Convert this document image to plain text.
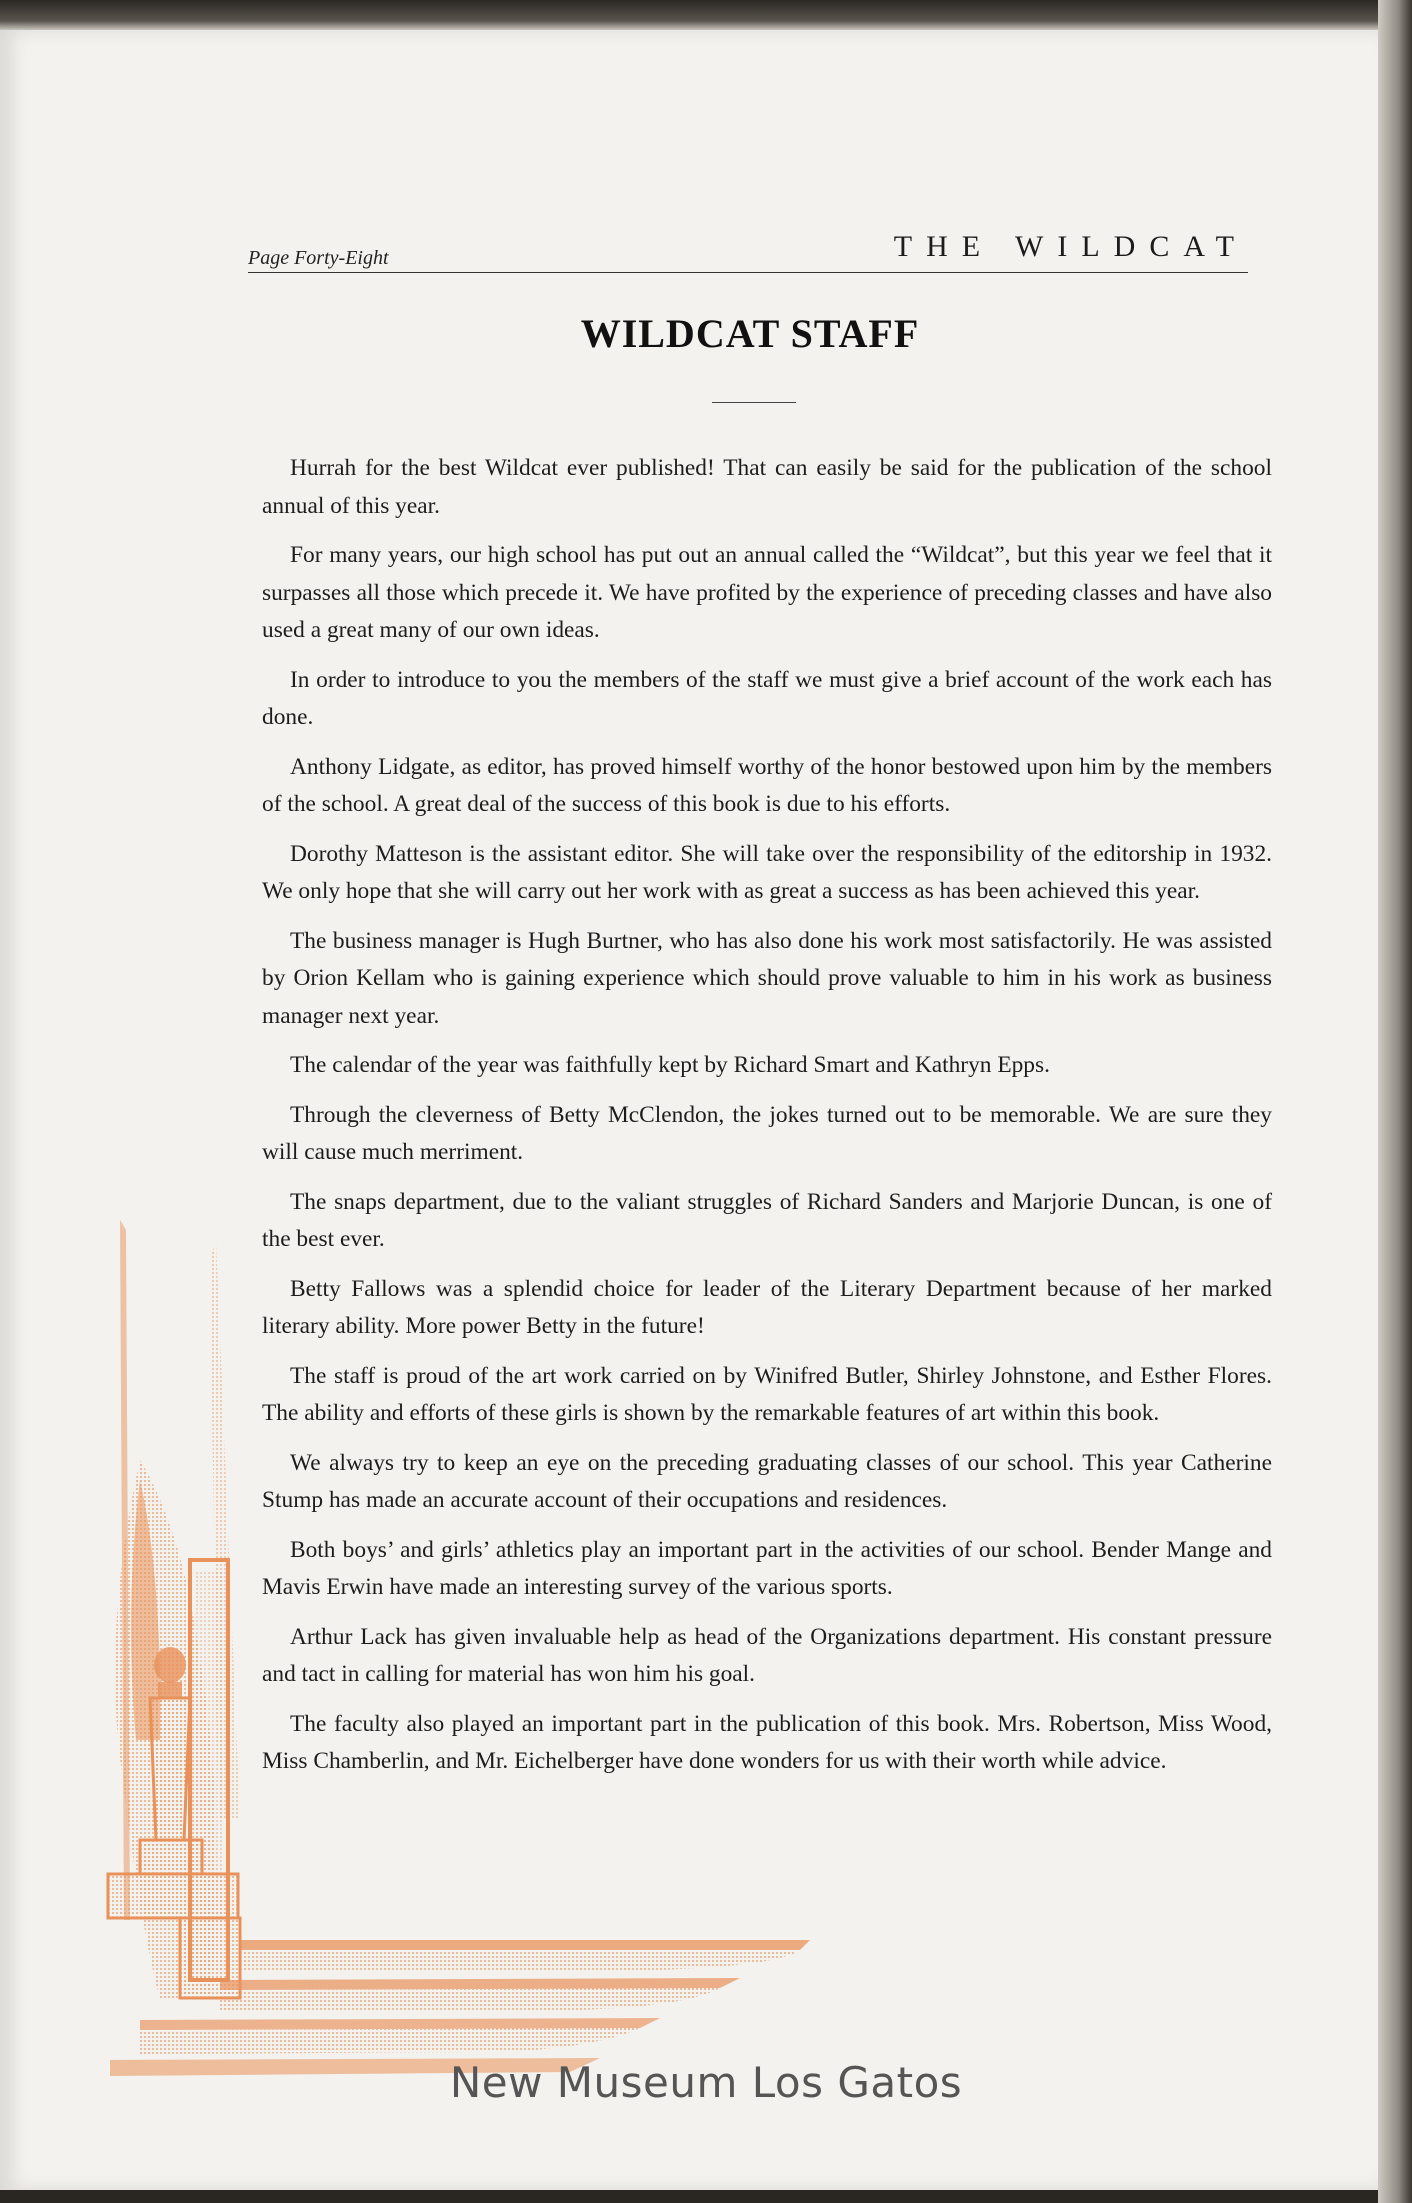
Page Forty-Eight	THE WILDCAT
WILDCAT STAFF

Hurrah for the best Wildcat ever published! That can easily be said for the publication of the school annual of this year.

For many years, our high school has put out an annual called the “Wildcat”, but this year we feel that it surpasses all those which precede it. We have profited by the experience of preceding classes and have also used a great many of our own ideas.

In order to introduce to you the members of the staff we must give a brief account of the work each has done.

Anthony Lidgate, as editor, has proved himself worthy of the honor bestowed upon him by the members of the school. A great deal of the success of this book is due to his efforts.

Dorothy Matteson is the assistant editor. She will take over the responsibility of the editorship in 1932. We only hope that she will carry out her work with as great a success as has been achieved this year.

The business manager is Hugh Burtner, who has also done his work most satisfactorily. He was assisted by Orion Kellam who is gaining experience which should prove valuable to him in his work as business manager next year.

The calendar of the year was faithfully kept by Richard Smart and Kathryn Epps.

Through the cleverness of Betty McClendon, the jokes turned out to be memorable. We are sure they will cause much merriment.

The snaps department, due to the valiant struggles of Richard Sanders and Marjorie Duncan, is one of the best ever.

Betty Fallows was a splendid choice for leader of the Literary Department because of her marked literary ability. More power Betty in the future!

The staff is proud of the art work carried on by Winifred Butler, Shirley Johnstone, and Esther Flores. The ability and efforts of these girls is shown by the remarkable features of art within this book.

We always try to keep an eye on the preceding graduating classes of our school. This year Catherine Stump has made an accurate account of their occupations and residences.

Both boys’ and girls’ athletics play an important part in the activities of our school. Bender Mange and Mavis Erwin have made an interesting survey of the various sports.

Arthur Lack has given invaluable help as head of the Organizations department. His constant pressure and tact in calling for material has won him his goal.

The faculty also played an important part in the publication of this book. Mrs. Robertson, Miss Wood, Miss Chamberlin, and Mr. Eichelberger have done wonders for us with their worth while advice.

New Museum Los Gatos
